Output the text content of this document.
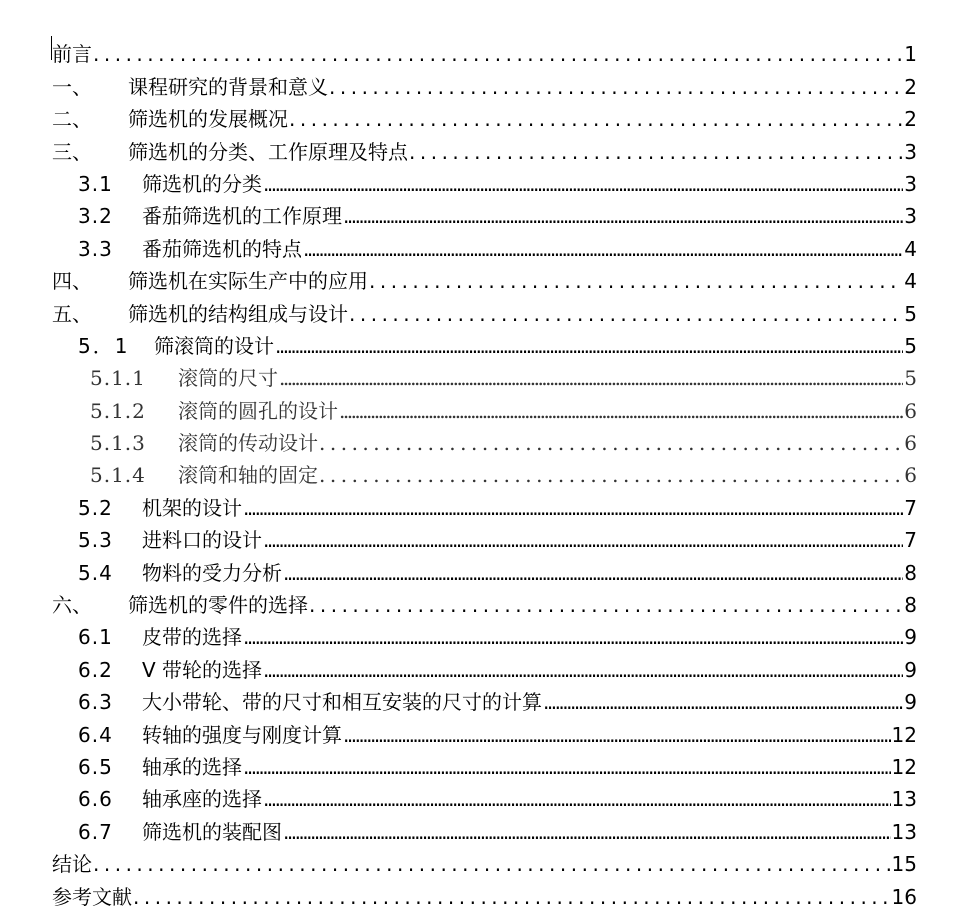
前言 .....	1
一、	课程研究的背景和意义 .....	2
二、	筛选机的发展概况 .....	2
三、	筛选机的分类、工作原理及特点 .....	3
3.1	筛选机的分类 .....	3
3.2	番茄筛选机的工作原理 .....	3
3.3	番茄筛选机的特点 .....	4
四、	筛选机在实际生产中的应用 .....	4
五、	筛选机的结构组成与设计 .....	5
5．1	筛滚筒的设计 .....	5
5.1.1	滚筒的尺寸 .....	5
5.1.2	滚筒的圆孔的设计 .....	6
5.1.3	滚筒的传动设计 .....	6
5.1.4	滚筒和轴的固定 .....	6
5.2	机架的设计 .....	7
5.3	进料口的设计 .....	7
5.4	物料的受力分析 .....	8
六、	筛选机的零件的选择 .....	8
6.1	皮带的选择 .....	9
6.2	V 带轮的选择 .....	9
6.3	大小带轮、带的尺寸和相互安装的尺寸的计算 .....	9
6.4	转轴的强度与刚度计算 .....	12
6.5	轴承的选择 .....	12
6.6	轴承座的选择 .....	13
6.7	筛选机的装配图 .....	13
结论 .....	15
参考文献 .....	16
